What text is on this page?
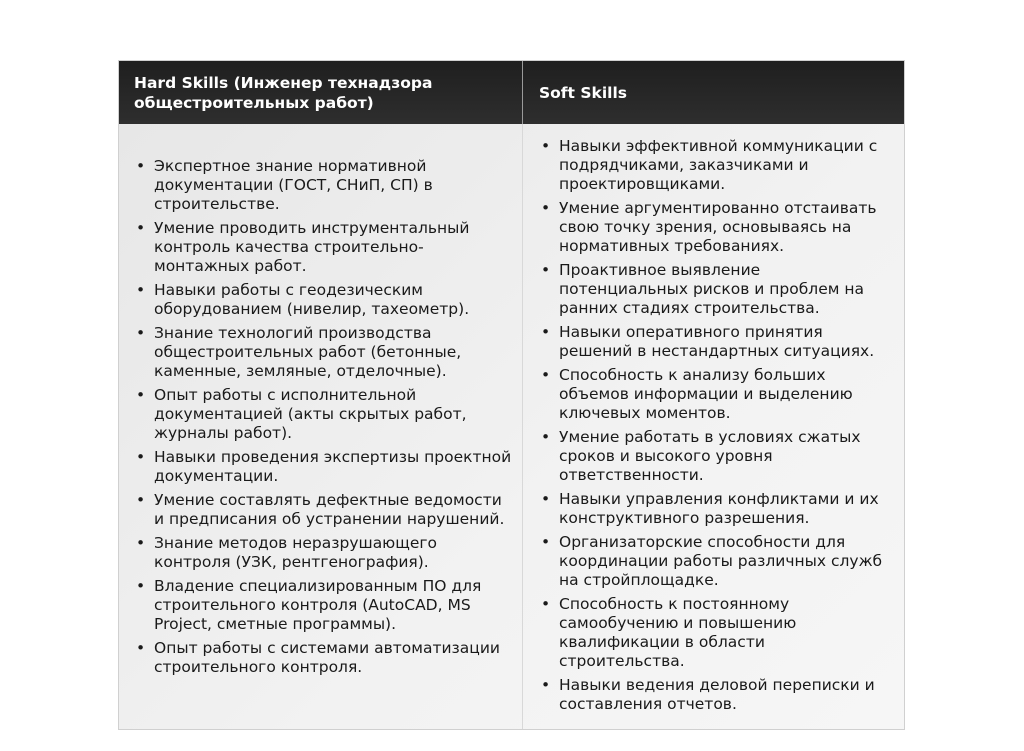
Hard Skills (Инженер технадзора общестроительных работ)
Soft Skills
• Экспертное знание нормативной документации (ГОСТ, СНиП, СП) в строительстве.
• Умение проводить инструментальный контроль качества строительно-монтажных работ.
• Навыки работы с геодезическим оборудованием (нивелир, тахеометр).
• Знание технологий производства общестроительных работ (бетонные, каменные, земляные, отделочные).
• Опыт работы с исполнительной документацией (акты скрытых работ, журналы работ).
• Навыки проведения экспертизы проектной документации.
• Умение составлять дефектные ведомости и предписания об устранении нарушений.
• Знание методов неразрушающего контроля (УЗК, рентгенография).
• Владение специализированным ПО для строительного контроля (AutoCAD, MS Project, сметные программы).
• Опыт работы с системами автоматизации строительного контроля.
• Навыки эффективной коммуникации с подрядчиками, заказчиками и проектировщиками.
• Умение аргументированно отстаивать свою точку зрения, основываясь на нормативных требованиях.
• Проактивное выявление потенциальных рисков и проблем на ранних стадиях строительства.
• Навыки оперативного принятия решений в нестандартных ситуациях.
• Способность к анализу больших объемов информации и выделению ключевых моментов.
• Умение работать в условиях сжатых сроков и высокого уровня ответственности.
• Навыки управления конфликтами и их конструктивного разрешения.
• Организаторские способности для координации работы различных служб на стройплощадке.
• Способность к постоянному самообучению и повышению квалификации в области строительства.
• Навыки ведения деловой переписки и составления отчетов.
